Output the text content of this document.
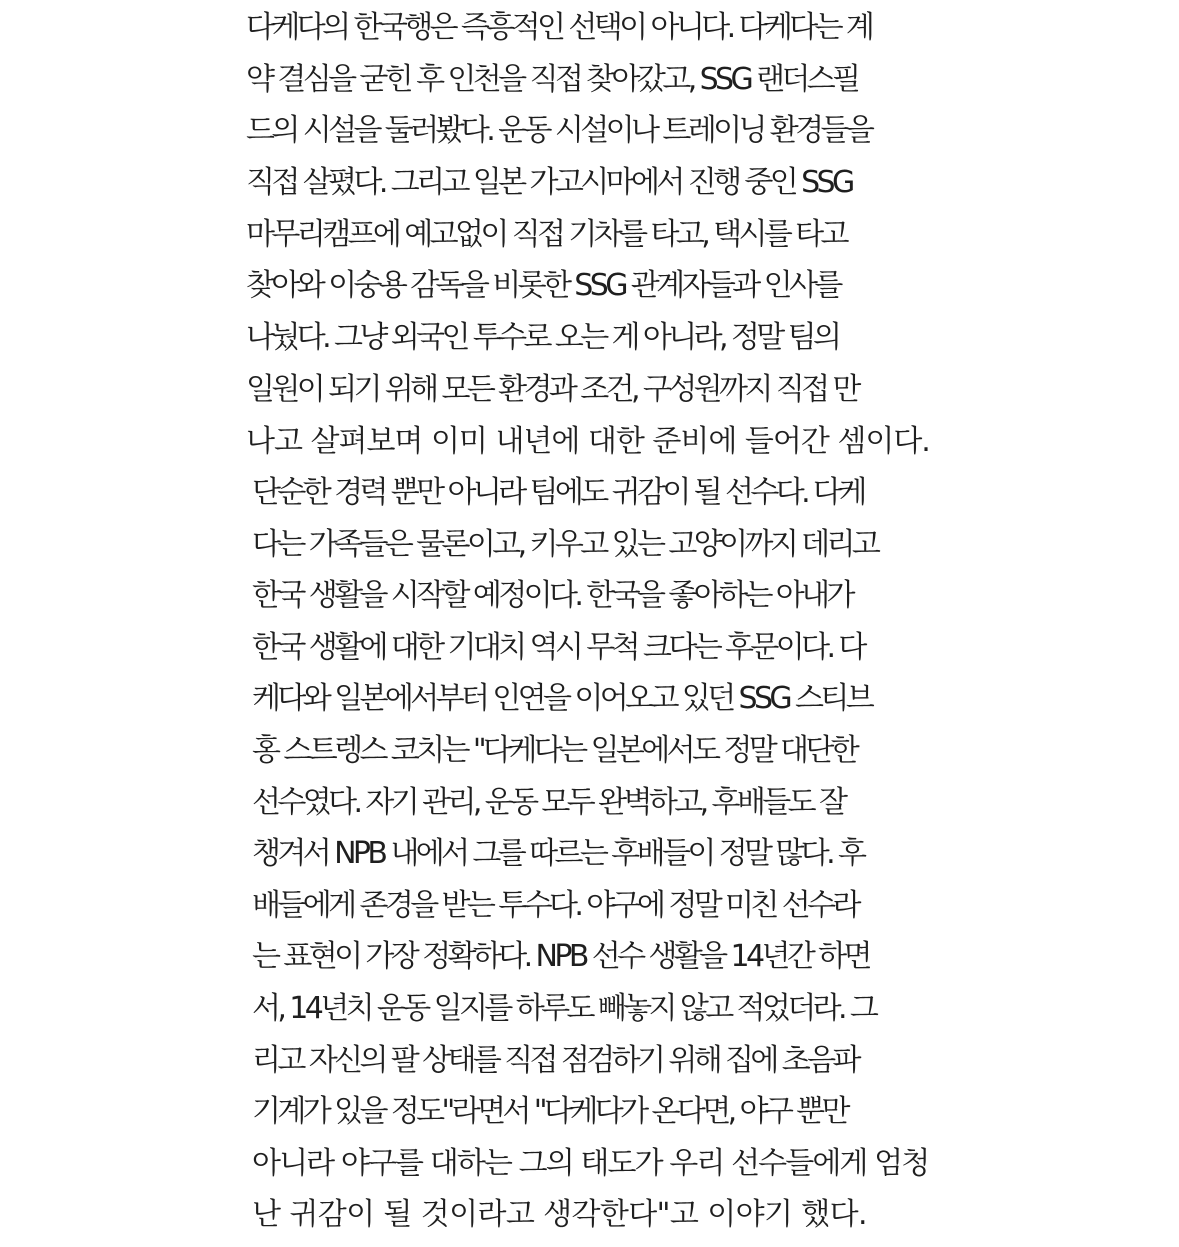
다케다의 한국행은 즉흥적인 선택이 아니다. 다케다는 계
약 결심을 굳힌 후 인천을 직접 찾아갔고, SSG 랜더스필
드의 시설을 둘러봤다. 운동 시설이나 트레이닝 환경들을
직접 살폈다. 그리고 일본 가고시마에서 진행 중인 SSG
마무리캠프에 예고없이 직접 기차를 타고, 택시를 타고
찾아와 이숭용 감독을 비롯한 SSG 관계자들과 인사를
나눴다. 그냥 외국인 투수로 오는 게 아니라, 정말 팀의
일원이 되기 위해 모든 환경과 조건, 구성원까지 직접 만
나고 살펴보며 이미 내년에 대한 준비에 들어간 셈이다.

단순한 경력 뿐만 아니라 팀에도 귀감이 될 선수다. 다케
다는 가족들은 물론이고, 키우고 있는 고양이까지 데리고
한국 생활을 시작할 예정이다. 한국을 좋아하는 아내가
한국 생활에 대한 기대치 역시 무척 크다는 후문이다. 다
케다와 일본에서부터 인연을 이어오고 있던 SSG 스티브
홍 스트렝스 코치는 "다케다는 일본에서도 정말 대단한
선수였다. 자기 관리, 운동 모두 완벽하고, 후배들도 잘
챙겨서 NPB 내에서 그를 따르는 후배들이 정말 많다. 후
배들에게 존경을 받는 투수다. 야구에 정말 미친 선수라
는 표현이 가장 정확하다. NPB 선수 생활을 14년간 하면
서, 14년치 운동 일지를 하루도 빼놓지 않고 적었더라. 그
리고 자신의 팔 상태를 직접 점검하기 위해 집에 초음파
기계가 있을 정도"라면서 "다케다가 온다면, 야구 뿐만
아니라 야구를 대하는 그의 태도가 우리 선수들에게 엄청
난 귀감이 될 것이라고 생각한다"고 이야기 했다.
